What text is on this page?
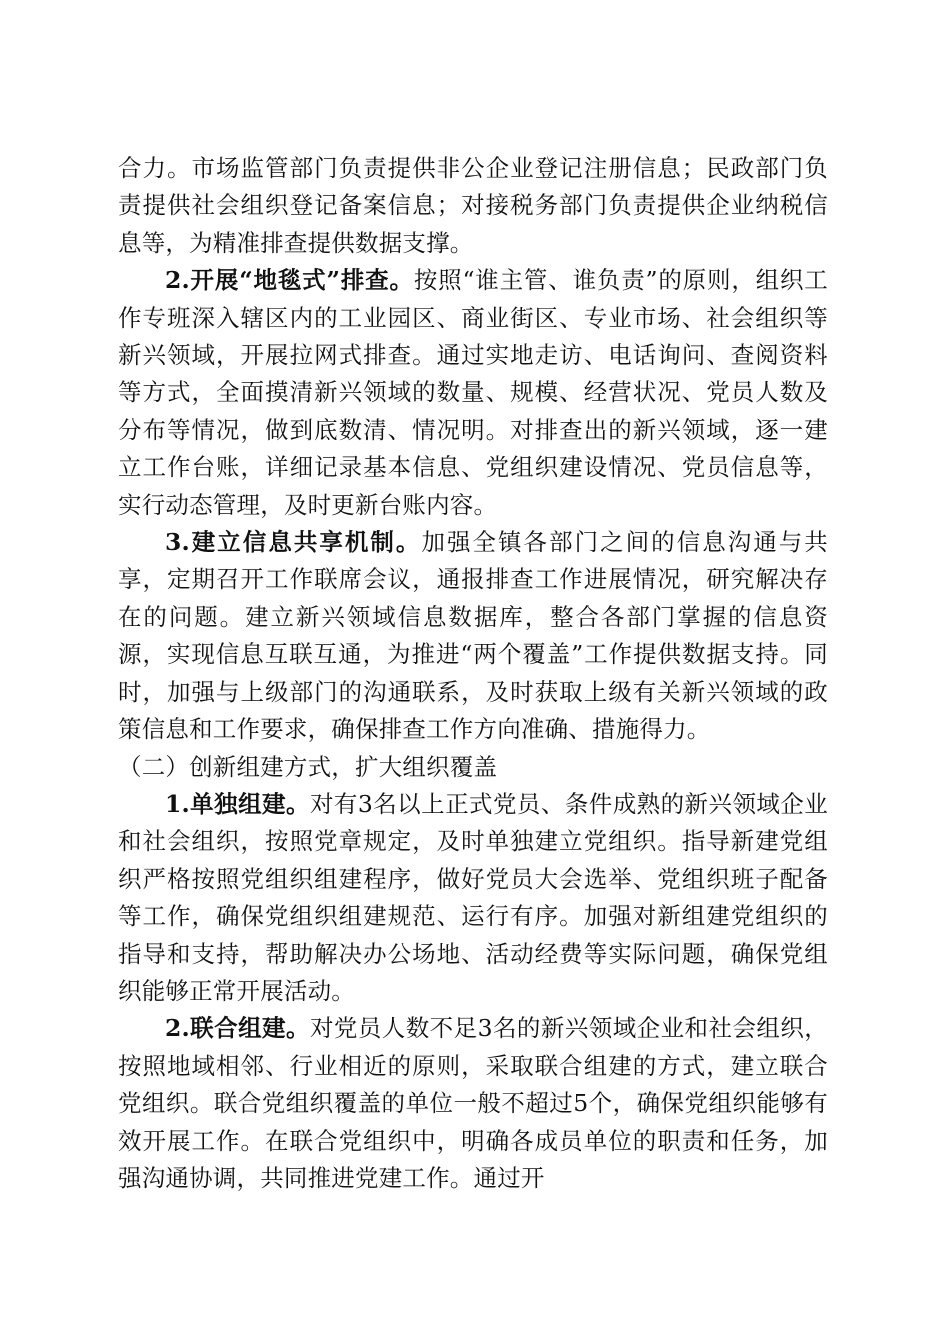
合力。市场监管部门负责提供非公企业登记注册信息；民政部门负责提供社会组织登记备案信息；对接税务部门负责提供企业纳税信息等，为精准排查提供数据支撑。

2.开展“地毯式”排查。按照“谁主管、谁负责”的原则，组织工作专班深入辖区内的工业园区、商业街区、专业市场、社会组织等新兴领域，开展拉网式排查。通过实地走访、电话询问、查阅资料等方式，全面摸清新兴领域的数量、规模、经营状况、党员人数及分布等情况，做到底数清、情况明。对排查出的新兴领域，逐一建立工作台账，详细记录基本信息、党组织建设情况、党员信息等，实行动态管理，及时更新台账内容。

3.建立信息共享机制。加强全镇各部门之间的信息沟通与共享，定期召开工作联席会议，通报排查工作进展情况，研究解决存在的问题。建立新兴领域信息数据库，整合各部门掌握的信息资源，实现信息互联互通，为推进“两个覆盖”工作提供数据支持。同时，加强与上级部门的沟通联系，及时获取上级有关新兴领域的政策信息和工作要求，确保排查工作方向准确、措施得力。

（二）创新组建方式，扩大组织覆盖

1.单独组建。对有3名以上正式党员、条件成熟的新兴领域企业和社会组织，按照党章规定，及时单独建立党组织。指导新建党组织严格按照党组织组建程序，做好党员大会选举、党组织班子配备等工作，确保党组织组建规范、运行有序。加强对新组建党组织的指导和支持，帮助解决办公场地、活动经费等实际问题，确保党组织能够正常开展活动。

2.联合组建。对党员人数不足3名的新兴领域企业和社会组织，按照地域相邻、行业相近的原则，采取联合组建的方式，建立联合党组织。联合党组织覆盖的单位一般不超过5个，确保党组织能够有效开展工作。在联合党组织中，明确各成员单位的职责和任务，加强沟通协调，共同推进党建工作。通过开
